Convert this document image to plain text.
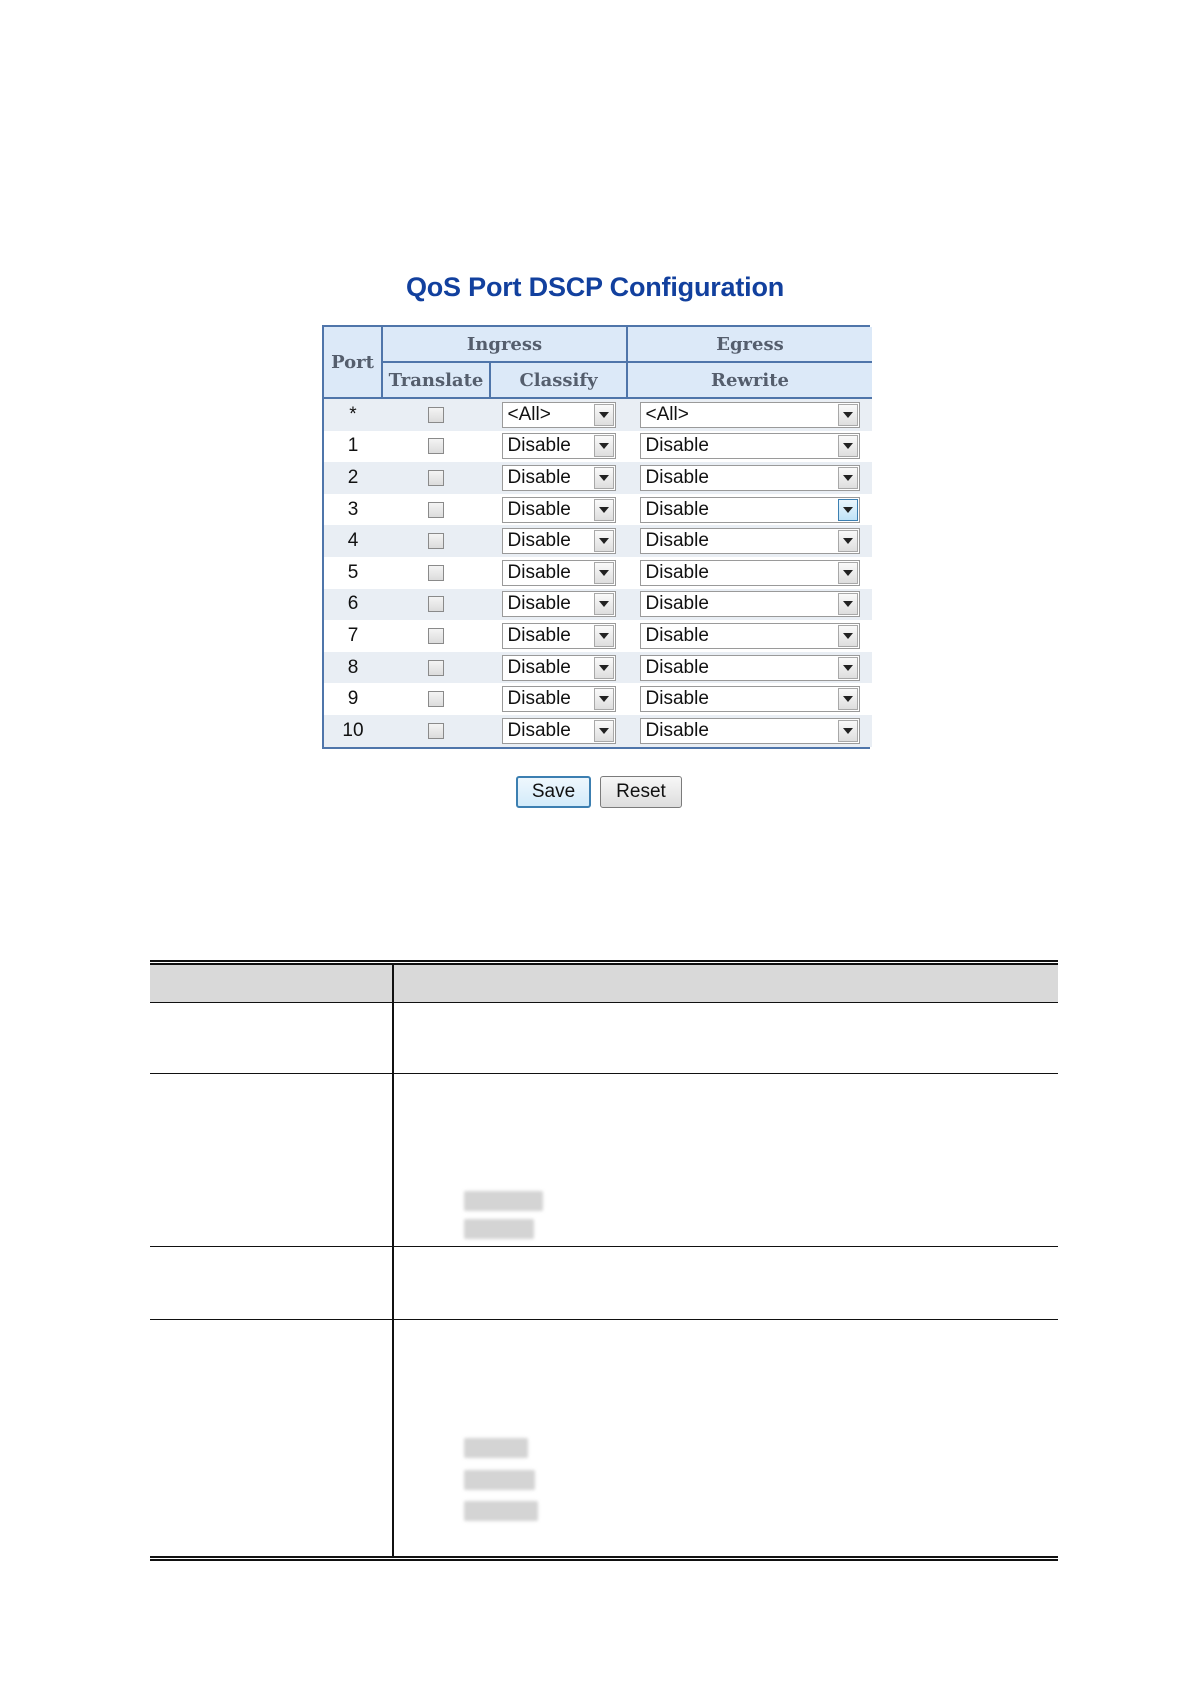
QoS Port DSCP Configuration
Port	Ingress		Egress
	Translate	Classify	Rewrite
*		<All>	<All>

1		Disable	Disable

2		Disable	Disable

3		Disable	Disable

4		Disable	Disable

5		Disable	Disable

6		Disable	Disable

7		Disable	Disable

8		Disable	Disable

9		Disable	Disable

10		Disable	Disable
Save	Reset
